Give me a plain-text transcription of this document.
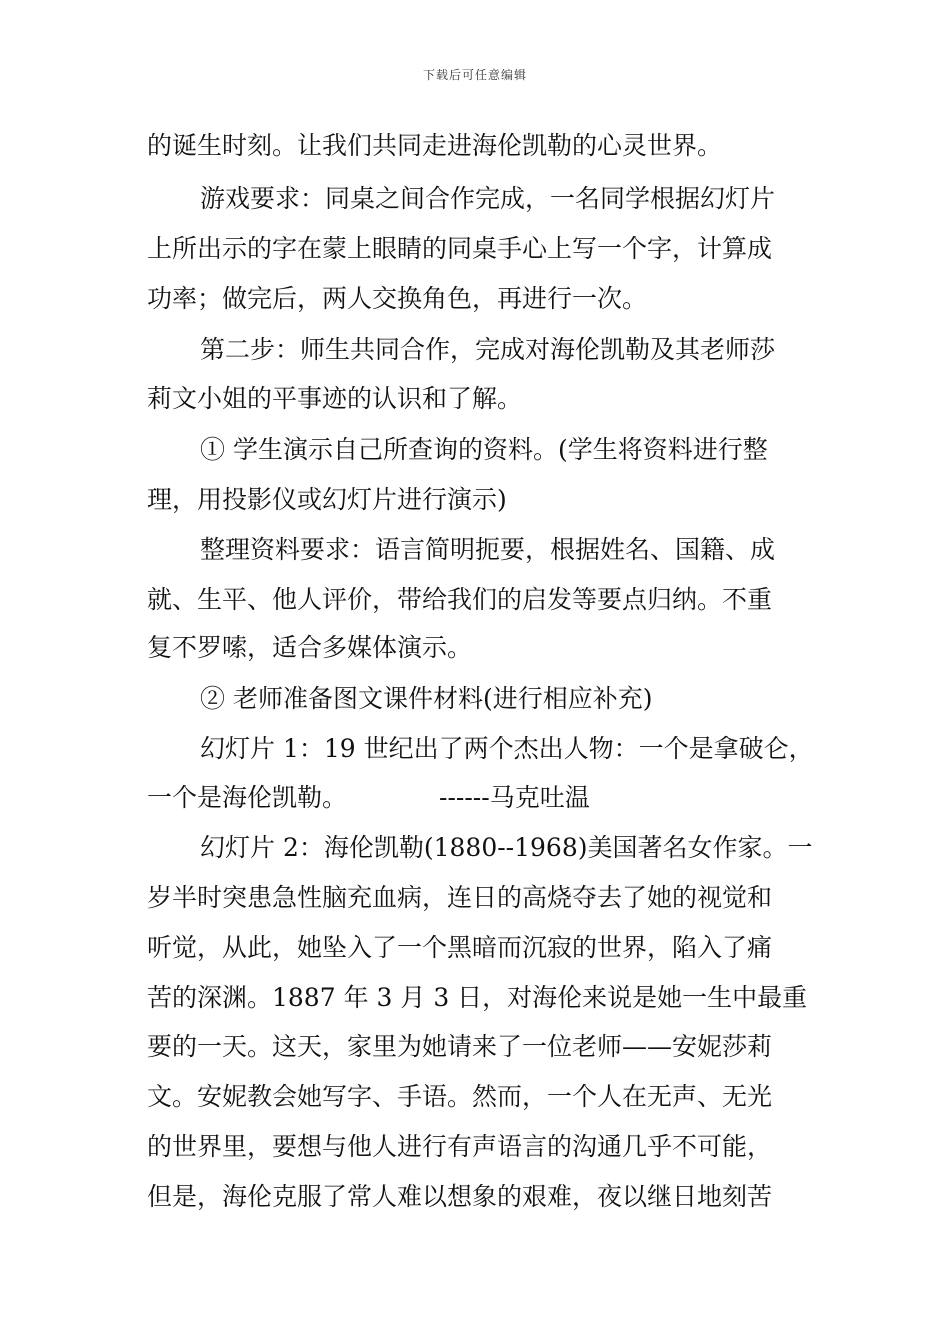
下载后可任意编辑
的诞生时刻。让我们共同走进海伦凯勒的心灵世界。
游戏要求：同桌之间合作完成，一名同学根据幻灯片
上所出示的字在蒙上眼睛的同桌手心上写一个字，计算成
功率；做完后，两人交换角色，再进行一次。
第二步：师生共同合作，完成对海伦凯勒及其老师莎
莉文小姐的平事迹的认识和了解。
① 学生演示自己所查询的资料。(学生将资料进行整
理，用投影仪或幻灯片进行演示)
整理资料要求：语言简明扼要，根据姓名、国籍、成
就、生平、他人评价，带给我们的启发等要点归纳。不重
复不罗嗦，适合多媒体演示。
② 老师准备图文课件材料(进行相应补充)
幻灯片 1：19 世纪出了两个杰出人物：一个是拿破仑，
一个是海伦凯勒。	------马克吐温
幻灯片 2：海伦凯勒(1880--1968)美国著名女作家。一
岁半时突患急性脑充血病，连日的高烧夺去了她的视觉和
听觉，从此，她坠入了一个黑暗而沉寂的世界，陷入了痛
苦的深渊。1887 年 3 月 3 日，对海伦来说是她一生中最重
要的一天。这天，家里为她请来了一位老师——安妮莎莉
文。安妮教会她写字、手语。然而，一个人在无声、无光
的世界里，要想与他人进行有声语言的沟通几乎不可能，
但是，海伦克服了常人难以想象的艰难，夜以继日地刻苦
